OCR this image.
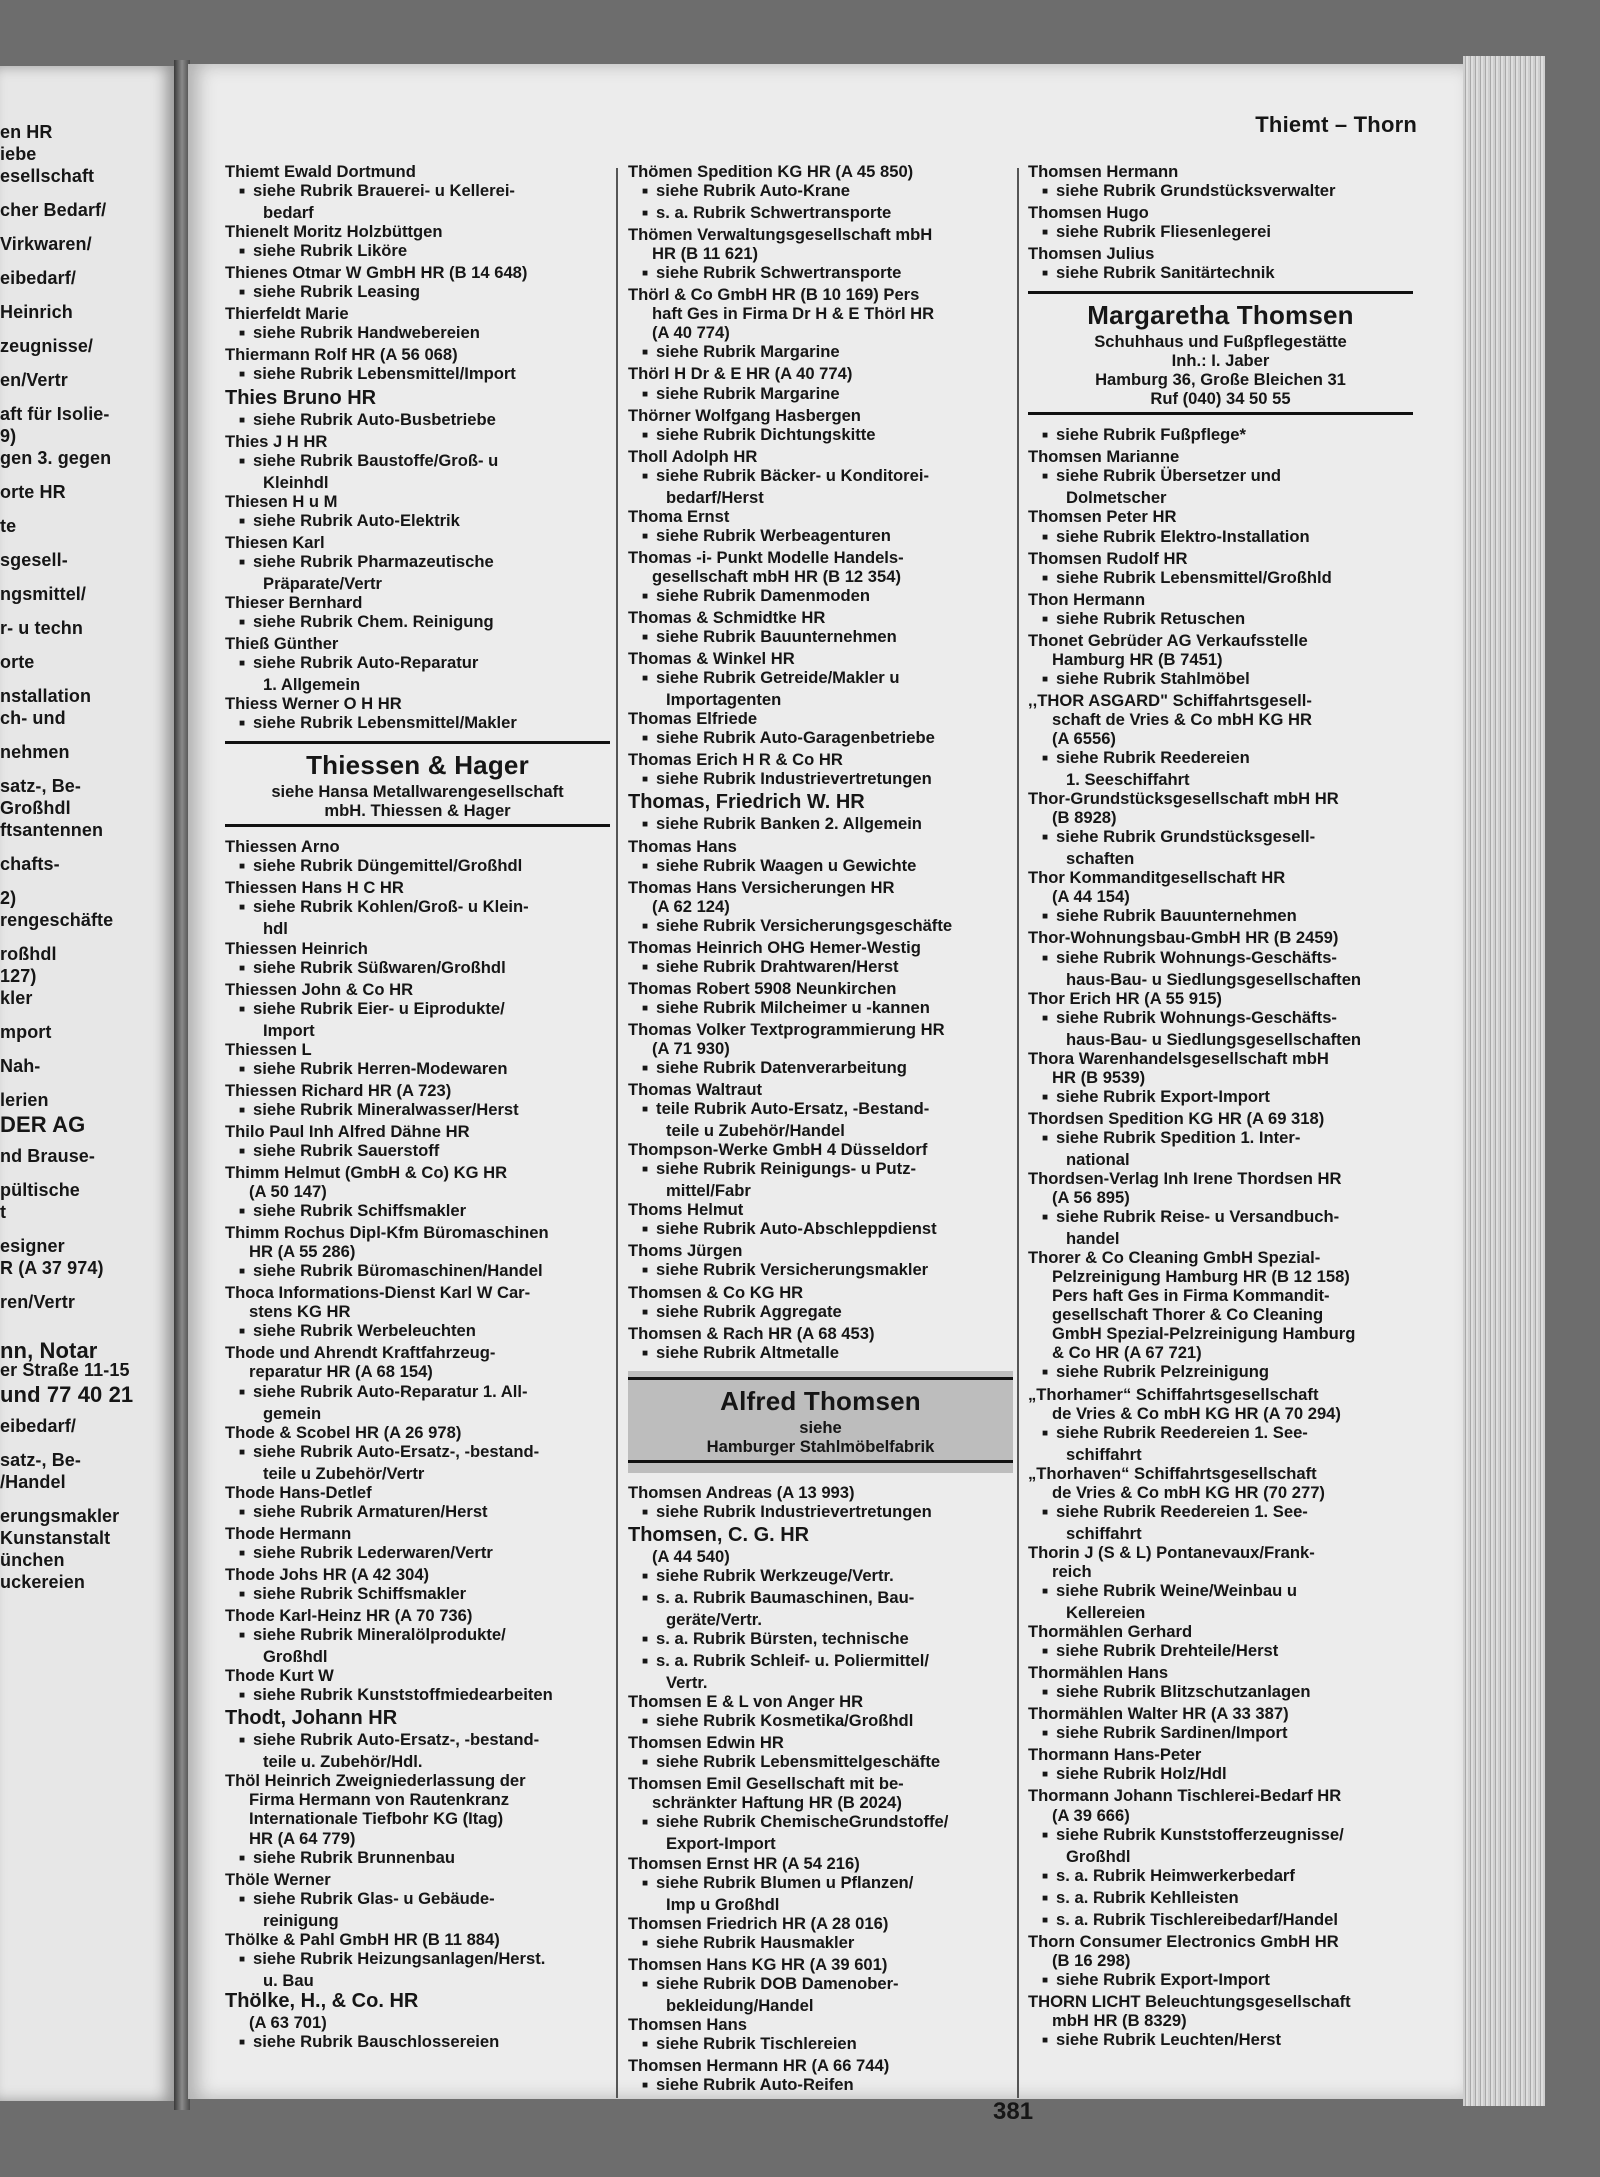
en HR
iebe
esellschaft
cher Bedarf/
Virkwaren/
eibedarf/
Heinrich
zeugnisse/
en/Vertr
aft für Isolie-
9)
gen 3. gegen
orte HR
te
sgesell-
ngsmittel/
r- u techn
orte
nstallation
ch- und
nehmen
satz-, Be-
Großhdl
ftsantennen
chafts-
2)
rengeschäfte
roßhdl
127)
kler
mport
Nah-
lerien
DER AG
nd Brause-
pültische
t
esigner
R (A 37 974)
ren/Vertr
nn, Notar
er Straße 11-15
und 77 40 21
eibedarf/
satz-, Be-
/Handel
erungsmakler
Kunstanstalt
ünchen
uckereien
Thiemt – Thorn
Thiemt Ewald Dortmund
■ siehe Rubrik Brauerei- u Kellerei-
bedarf
Thienelt Moritz Holzbüttgen
■ siehe Rubrik Liköre
Thienes Otmar W GmbH HR (B 14 648)
■ siehe Rubrik Leasing
Thierfeldt Marie
■ siehe Rubrik Handwebereien
Thiermann Rolf HR (A 56 068)
■ siehe Rubrik Lebensmittel/Import
Thies Bruno HR
■ siehe Rubrik Auto-Busbetriebe
Thies J H HR
■ siehe Rubrik Baustoffe/Groß- u
Kleinhdl
Thiesen H u M
■ siehe Rubrik Auto-Elektrik
Thiesen Karl
■ siehe Rubrik Pharmazeutische
Präparate/Vertr
Thieser Bernhard
■ siehe Rubrik Chem. Reinigung
Thieß Günther
■ siehe Rubrik Auto-Reparatur
1. Allgemein
Thiess Werner O H HR
■ siehe Rubrik Lebensmittel/Makler
Thiessen & Hager
siehe Hansa Metallwarengesellschaft
mbH. Thiessen & Hager
Thiessen Arno
■ siehe Rubrik Düngemittel/Großhdl
Thiessen Hans H C HR
■ siehe Rubrik Kohlen/Groß- u Klein-
hdl
Thiessen Heinrich
■ siehe Rubrik Süßwaren/Großhdl
Thiessen John & Co HR
■ siehe Rubrik Eier- u Eiprodukte/
Import
Thiessen L
■ siehe Rubrik Herren-Modewaren
Thiessen Richard HR (A 723)
■ siehe Rubrik Mineralwasser/Herst
Thilo Paul Inh Alfred Dähne HR
■ siehe Rubrik Sauerstoff
Thimm Helmut (GmbH & Co) KG HR
(A 50 147)
■ siehe Rubrik Schiffsmakler
Thimm Rochus Dipl-Kfm Büromaschinen
HR (A 55 286)
■ siehe Rubrik Büromaschinen/Handel
Thoca Informations-Dienst Karl W Car-
stens KG HR
■ siehe Rubrik Werbeleuchten
Thode und Ahrendt Kraftfahrzeug-
reparatur HR (A 68 154)
■ siehe Rubrik Auto-Reparatur 1. All-
gemein
Thode & Scobel HR (A 26 978)
■ siehe Rubrik Auto-Ersatz-, -bestand-
teile u Zubehör/Vertr
Thode Hans-Detlef
■ siehe Rubrik Armaturen/Herst
Thode Hermann
■ siehe Rubrik Lederwaren/Vertr
Thode Johs HR (A 42 304)
■ siehe Rubrik Schiffsmakler
Thode Karl-Heinz HR (A 70 736)
■ siehe Rubrik Mineralölprodukte/
Großhdl
Thode Kurt W
■ siehe Rubrik Kunststoffmiedearbeiten
Thodt, Johann HR
■ siehe Rubrik Auto-Ersatz-, -bestand-
teile u. Zubehör/Hdl.
Thöl Heinrich Zweigniederlassung der
Firma Hermann von Rautenkranz
Internationale Tiefbohr KG (Itag)
HR (A 64 779)
■ siehe Rubrik Brunnenbau
Thöle Werner
■ siehe Rubrik Glas- u Gebäude-
reinigung
Thölke & Pahl GmbH HR (B 11 884)
■ siehe Rubrik Heizungsanlagen/Herst.
u. Bau
Thölke, H., & Co. HR
(A 63 701)
■ siehe Rubrik Bauschlossereien
Thömen Spedition KG HR (A 45 850)
■ siehe Rubrik Auto-Krane
■ s. a. Rubrik Schwertransporte
Thömen Verwaltungsgesellschaft mbH
HR (B 11 621)
■ siehe Rubrik Schwertransporte
Thörl & Co GmbH HR (B 10 169) Pers
haft Ges in Firma Dr H & E Thörl HR
(A 40 774)
■ siehe Rubrik Margarine
Thörl H Dr & E HR (A 40 774)
■ siehe Rubrik Margarine
Thörner Wolfgang Hasbergen
■ siehe Rubrik Dichtungskitte
Tholl Adolph HR
■ siehe Rubrik Bäcker- u Konditorei-
bedarf/Herst
Thoma Ernst
■ siehe Rubrik Werbeagenturen
Thomas -i- Punkt Modelle Handels-
gesellschaft mbH HR (B 12 354)
■ siehe Rubrik Damenmoden
Thomas & Schmidtke HR
■ siehe Rubrik Bauunternehmen
Thomas & Winkel HR
■ siehe Rubrik Getreide/Makler u
Importagenten
Thomas Elfriede
■ siehe Rubrik Auto-Garagenbetriebe
Thomas Erich H R & Co HR
■ siehe Rubrik Industrievertretungen
Thomas, Friedrich W. HR
■ siehe Rubrik Banken 2. Allgemein
Thomas Hans
■ siehe Rubrik Waagen u Gewichte
Thomas Hans Versicherungen HR
(A 62 124)
■ siehe Rubrik Versicherungsgeschäfte
Thomas Heinrich OHG Hemer-Westig
■ siehe Rubrik Drahtwaren/Herst
Thomas Robert 5908 Neunkirchen
■ siehe Rubrik Milcheimer u -kannen
Thomas Volker Textprogrammierung HR
(A 71 930)
■ siehe Rubrik Datenverarbeitung
Thomas Waltraut
■ teile Rubrik Auto-Ersatz, -Bestand-
teile u Zubehör/Handel
Thompson-Werke GmbH 4 Düsseldorf
■ siehe Rubrik Reinigungs- u Putz-
mittel/Fabr
Thoms Helmut
■ siehe Rubrik Auto-Abschleppdienst
Thoms Jürgen
■ siehe Rubrik Versicherungsmakler
Thomsen & Co KG HR
■ siehe Rubrik Aggregate
Thomsen & Rach HR (A 68 453)
■ siehe Rubrik Altmetalle
Alfred Thomsen
siehe
Hamburger Stahlmöbelfabrik
Thomsen Andreas (A 13 993)
■ siehe Rubrik Industrievertretungen
Thomsen, C. G. HR
(A 44 540)
■ siehe Rubrik Werkzeuge/Vertr.
■ s. a. Rubrik Baumaschinen, Bau-
geräte/Vertr.
■ s. a. Rubrik Bürsten, technische
■ s. a. Rubrik Schleif- u. Poliermittel/
Vertr.
Thomsen E & L von Anger HR
■ siehe Rubrik Kosmetika/Großhdl
Thomsen Edwin HR
■ siehe Rubrik Lebensmittelgeschäfte
Thomsen Emil Gesellschaft mit be-
schränkter Haftung HR (B 2024)
■ siehe Rubrik ChemischeGrundstoffe/
Export-Import
Thomsen Ernst HR (A 54 216)
■ siehe Rubrik Blumen u Pflanzen/
Imp u Großhdl
Thomsen Friedrich HR (A 28 016)
■ siehe Rubrik Hausmakler
Thomsen Hans KG HR (A 39 601)
■ siehe Rubrik DOB Damenober-
bekleidung/Handel
Thomsen Hans
■ siehe Rubrik Tischlereien
Thomsen Hermann HR (A 66 744)
■ siehe Rubrik Auto-Reifen
Thomsen Hermann
■ siehe Rubrik Grundstücksverwalter
Thomsen Hugo
■ siehe Rubrik Fliesenlegerei
Thomsen Julius
■ siehe Rubrik Sanitärtechnik
Margaretha Thomsen
Schuhhaus und Fußpflegestätte
Inh.: I. Jaber
Hamburg 36, Große Bleichen 31
Ruf (040) 34 50 55
■ siehe Rubrik Fußpflege*
Thomsen Marianne
■ siehe Rubrik Übersetzer und
Dolmetscher
Thomsen Peter HR
■ siehe Rubrik Elektro-Installation
Thomsen Rudolf HR
■ siehe Rubrik Lebensmittel/Großhld
Thon Hermann
■ siehe Rubrik Retuschen
Thonet Gebrüder AG Verkaufsstelle
Hamburg HR (B 7451)
■ siehe Rubrik Stahlmöbel
,,THOR ASGARD" Schiffahrtsgesell-
schaft de Vries & Co mbH KG HR
(A 6556)
■ siehe Rubrik Reedereien
1. Seeschiffahrt
Thor-Grundstücksgesellschaft mbH HR
(B 8928)
■ siehe Rubrik Grundstücksgesell-
schaften
Thor Kommanditgesellschaft HR
(A 44 154)
■ siehe Rubrik Bauunternehmen
Thor-Wohnungsbau-GmbH HR (B 2459)
■ siehe Rubrik Wohnungs-Geschäfts-
haus-Bau- u Siedlungsgesellschaften
Thor Erich HR (A 55 915)
■ siehe Rubrik Wohnungs-Geschäfts-
haus-Bau- u Siedlungsgesellschaften
Thora Warenhandelsgesellschaft mbH
HR (B 9539)
■ siehe Rubrik Export-Import
Thordsen Spedition KG HR (A 69 318)
■ siehe Rubrik Spedition 1. Inter-
national
Thordsen-Verlag Inh Irene Thordsen HR
(A 56 895)
■ siehe Rubrik Reise- u Versandbuch-
handel
Thorer & Co Cleaning GmbH Spezial-
Pelzreinigung Hamburg HR (B 12 158)
Pers haft Ges in Firma Kommandit-
gesellschaft Thorer & Co Cleaning
GmbH Spezial-Pelzreinigung Hamburg
& Co HR (A 67 721)
■ siehe Rubrik Pelzreinigung
„Thorhamer“ Schiffahrtsgesellschaft
de Vries & Co mbH KG HR (A 70 294)
■ siehe Rubrik Reedereien 1. See-
schiffahrt
„Thorhaven“ Schiffahrtsgesellschaft
de Vries & Co mbH KG HR (70 277)
■ siehe Rubrik Reedereien 1. See-
schiffahrt
Thorin J (S & L) Pontanevaux/Frank-
reich
■ siehe Rubrik Weine/Weinbau u
Kellereien
Thormählen Gerhard
■ siehe Rubrik Drehteile/Herst
Thormählen Hans
■ siehe Rubrik Blitzschutzanlagen
Thormählen Walter HR (A 33 387)
■ siehe Rubrik Sardinen/Import
Thormann Hans-Peter
■ siehe Rubrik Holz/Hdl
Thormann Johann Tischlerei-Bedarf HR
(A 39 666)
■ siehe Rubrik Kunststofferzeugnisse/
Großhdl
■ s. a. Rubrik Heimwerkerbedarf
■ s. a. Rubrik Kehlleisten
■ s. a. Rubrik Tischlereibedarf/Handel
Thorn Consumer Electronics GmbH HR
(B 16 298)
■ siehe Rubrik Export-Import
THORN LICHT Beleuchtungsgesellschaft
mbH HR (B 8329)
■ siehe Rubrik Leuchten/Herst
381
